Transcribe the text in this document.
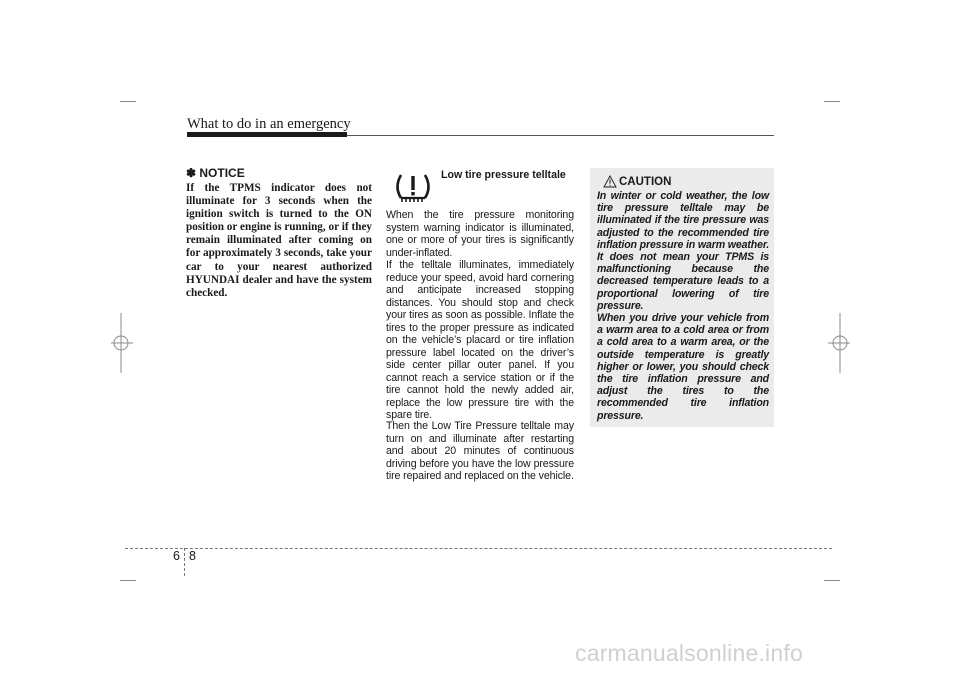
What to do in an emergency
✽ NOTICE

If the TPMS indicator does not illuminate for 3 seconds when the ignition switch is turned to the ON position or engine is running, or if they remain illuminated after coming on for approximately 3 seconds, take your car to your nearest authorized HYUNDAI dealer and have the system checked.

Low tire pressure telltale

When the tire pressure monitoring system warning indicator is illuminated, one or more of your tires is significantly under-inflated.

If the telltale illuminates, immediately reduce your speed, avoid hard cornering and anticipate increased stopping distances. You should stop and check your tires as soon as possible. Inflate the tires to the proper pressure as indicated on the vehicle’s placard or tire inflation pressure label located on the driver’s side center pillar outer panel. If you cannot reach a service station or if the tire cannot hold the newly added air, replace the low pressure tire with the spare tire.

Then the Low Tire Pressure telltale may turn on and illuminate after restarting and about 20 minutes of continuous driving before you have the low pressure tire repaired and replaced on the vehicle.

CAUTION

In winter or cold weather, the low tire pressure telltale may be illuminated if the tire pressure was adjusted to the recommended tire inflation pressure in warm weather. It does not mean your TPMS is malfunctioning because the decreased temperature leads to a proportional lowering of tire pressure.

When you drive your vehicle from a warm area to a cold area or from a cold area to a warm area, or the outside temperature is greatly higher or lower, you should check the tire inflation pressure and adjust the tires to the recommended tire inflation pressure.

6 8
carmanualsonline.info
